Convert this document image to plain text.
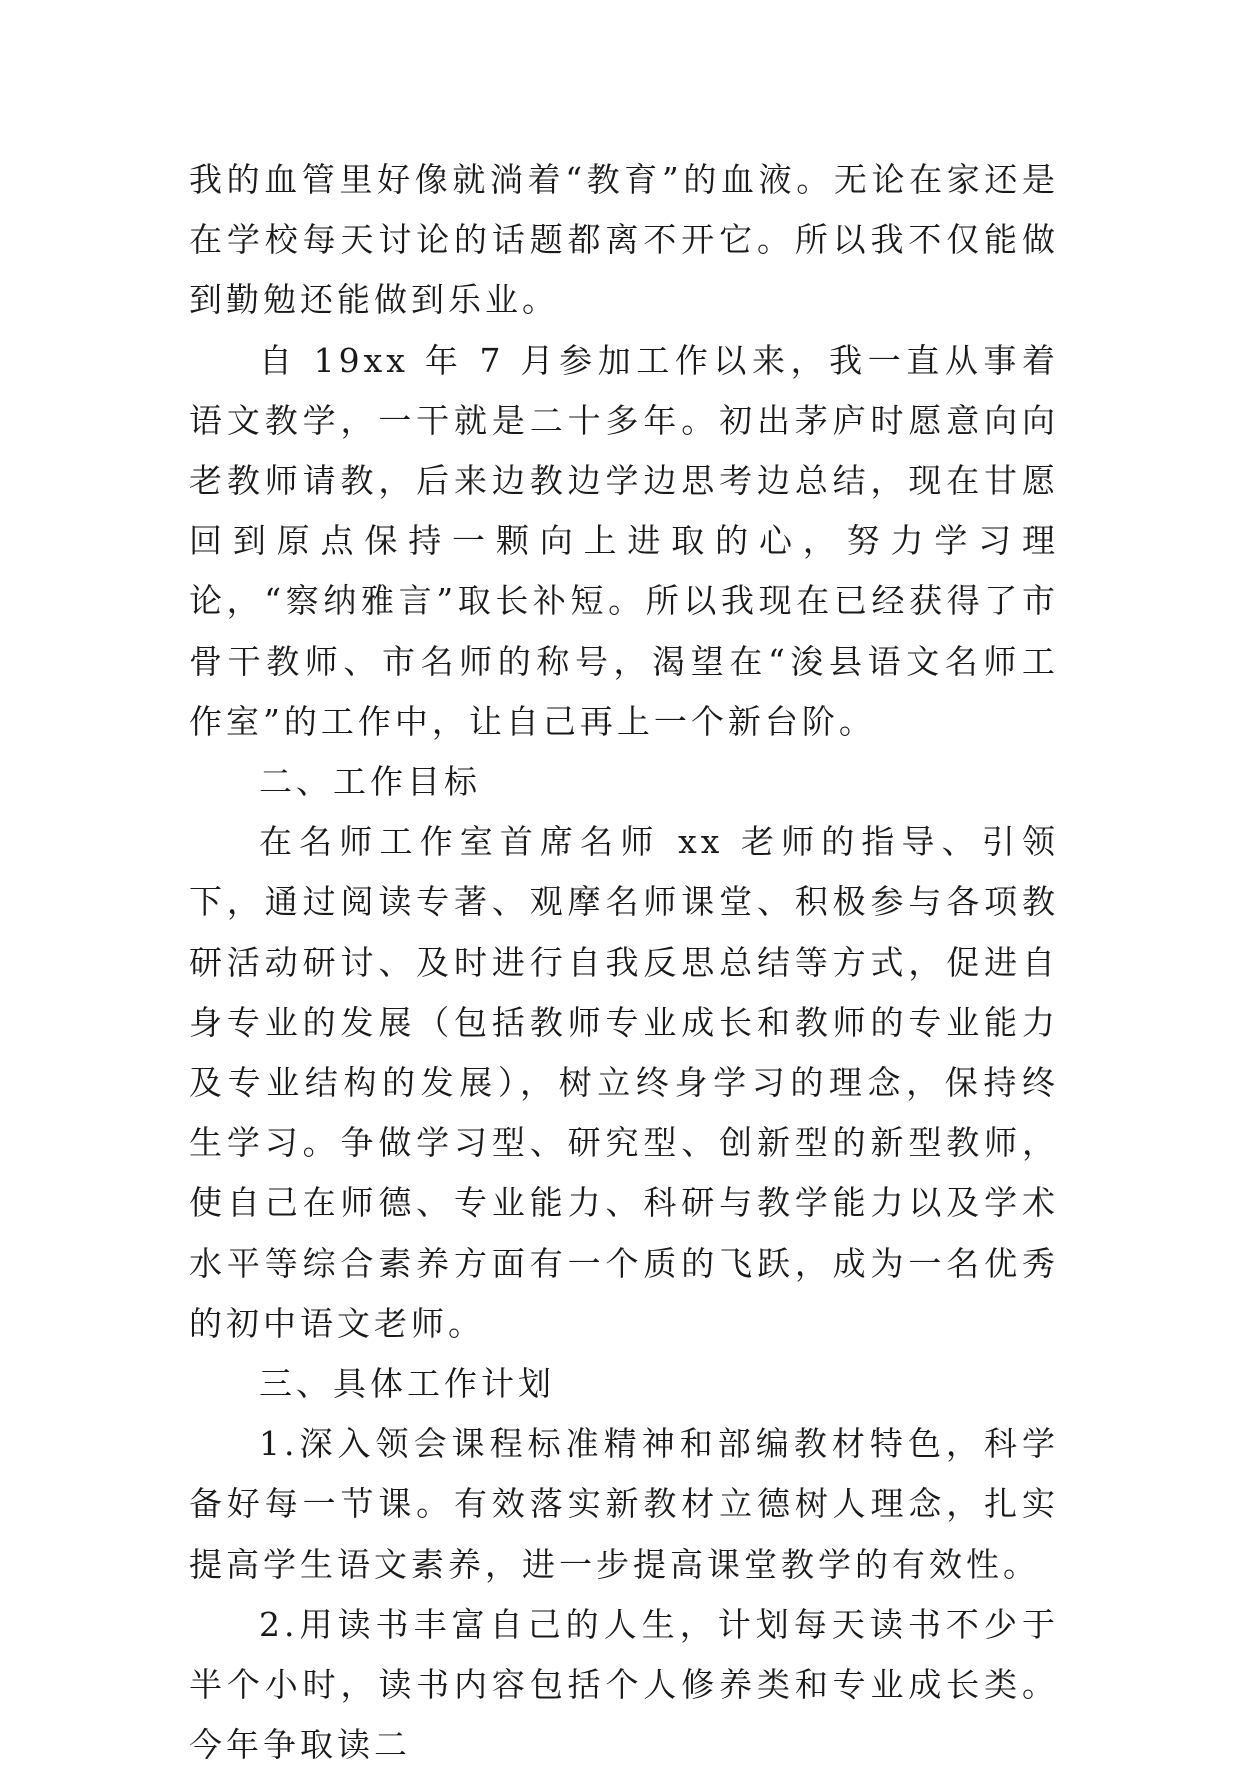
我的血管里好像就淌着“教育”的血液。无论在家还是在学校每天讨论的话题都离不开它。所以我不仅能做到勤勉还能做到乐业。

自 19xx 年 7 月参加工作以来，我一直从事着语文教学，一干就是二十多年。初出茅庐时愿意向向老教师请教，后来边教边学边思考边总结，现在甘愿回到原点保持一颗向上进取的心，努力学习理论，“察纳雅言”取长补短。所以我现在已经获得了市骨干教师、市名师的称号，渴望在“浚县语文名师工作室”的工作中，让自己再上一个新台阶。

二、工作目标

在名师工作室首席名师 xx 老师的指导、引领下，通过阅读专著、观摩名师课堂、积极参与各项教研活动研讨、及时进行自我反思总结等方式，促进自身专业的发展（包括教师专业成长和教师的专业能力及专业结构的发展），树立终身学习的理念，保持终生学习。争做学习型、研究型、创新型的新型教师，使自己在师德、专业能力、科研与教学能力以及学术水平等综合素养方面有一个质的飞跃，成为一名优秀的初中语文老师。

三、具体工作计划

1.深入领会课程标准精神和部编教材特色，科学备好每一节课。有效落实新教材立德树人理念，扎实提高学生语文素养，进一步提高课堂教学的有效性。

2.用读书丰富自己的人生，计划每天读书不少于半个小时，读书内容包括个人修养类和专业成长类。今年争取读二
